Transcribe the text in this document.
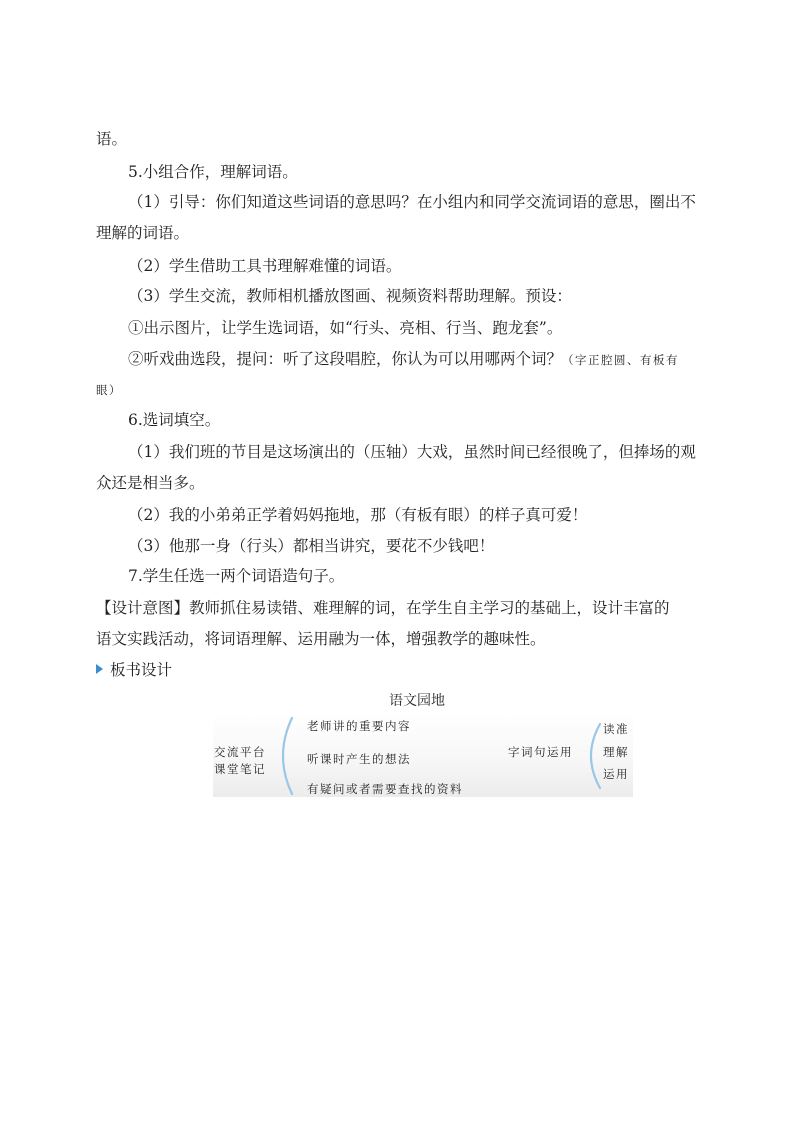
语。
5.小组合作，理解词语。
（1）引导：你们知道这些词语的意思吗？在小组内和同学交流词语的意思，圈出不
理解的词语。
（2）学生借助工具书理解难懂的词语。
（3）学生交流，教师相机播放图画、视频资料帮助理解。预设：
①出示图片，让学生选词语，如“行头、亮相、行当、跑龙套”。
②听戏曲选段，提问：听了这段唱腔，你认为可以用哪两个词？（字正腔圆、有板有
眼）
6.选词填空。
（1）我们班的节目是这场演出的（压轴）大戏，虽然时间已经很晚了，但捧场的观
众还是相当多。
（2）我的小弟弟正学着妈妈拖地，那（有板有眼）的样子真可爱！
（3）他那一身（行头）都相当讲究，要花不少钱吧！
7.学生任选一两个词语造句子。
【设计意图】教师抓住易读错、难理解的词，在学生自主学习的基础上，设计丰富的
语文实践活动，将词语理解、运用融为一体，增强教学的趣味性。
板书设计
语文园地
交流平台
课堂笔记
老师讲的重要内容
听课时产生的想法
有疑问或者需要查找的资料
字词句运用
读准
理解
运用
